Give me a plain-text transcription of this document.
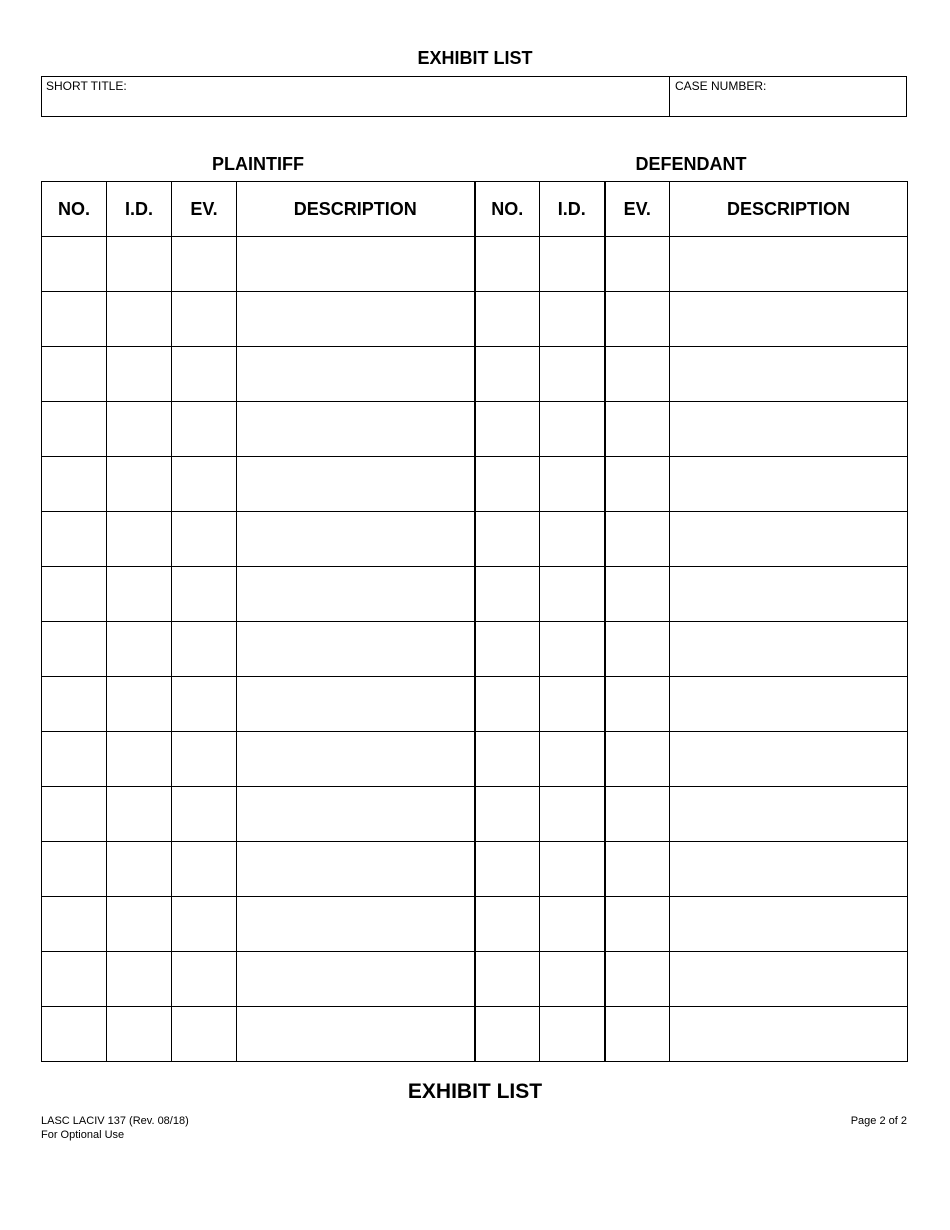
EXHIBIT LIST
SHORT TITLE:	CASE NUMBER:
PLAINTIFF	DEFENDANT
NO.	I.D.	EV.	DESCRIPTION	NO.	I.D.	EV.	DESCRIPTION

EXHIBIT LIST
LASC LACIV 137 (Rev. 08/18)
For Optional Use
Page 2 of 2
